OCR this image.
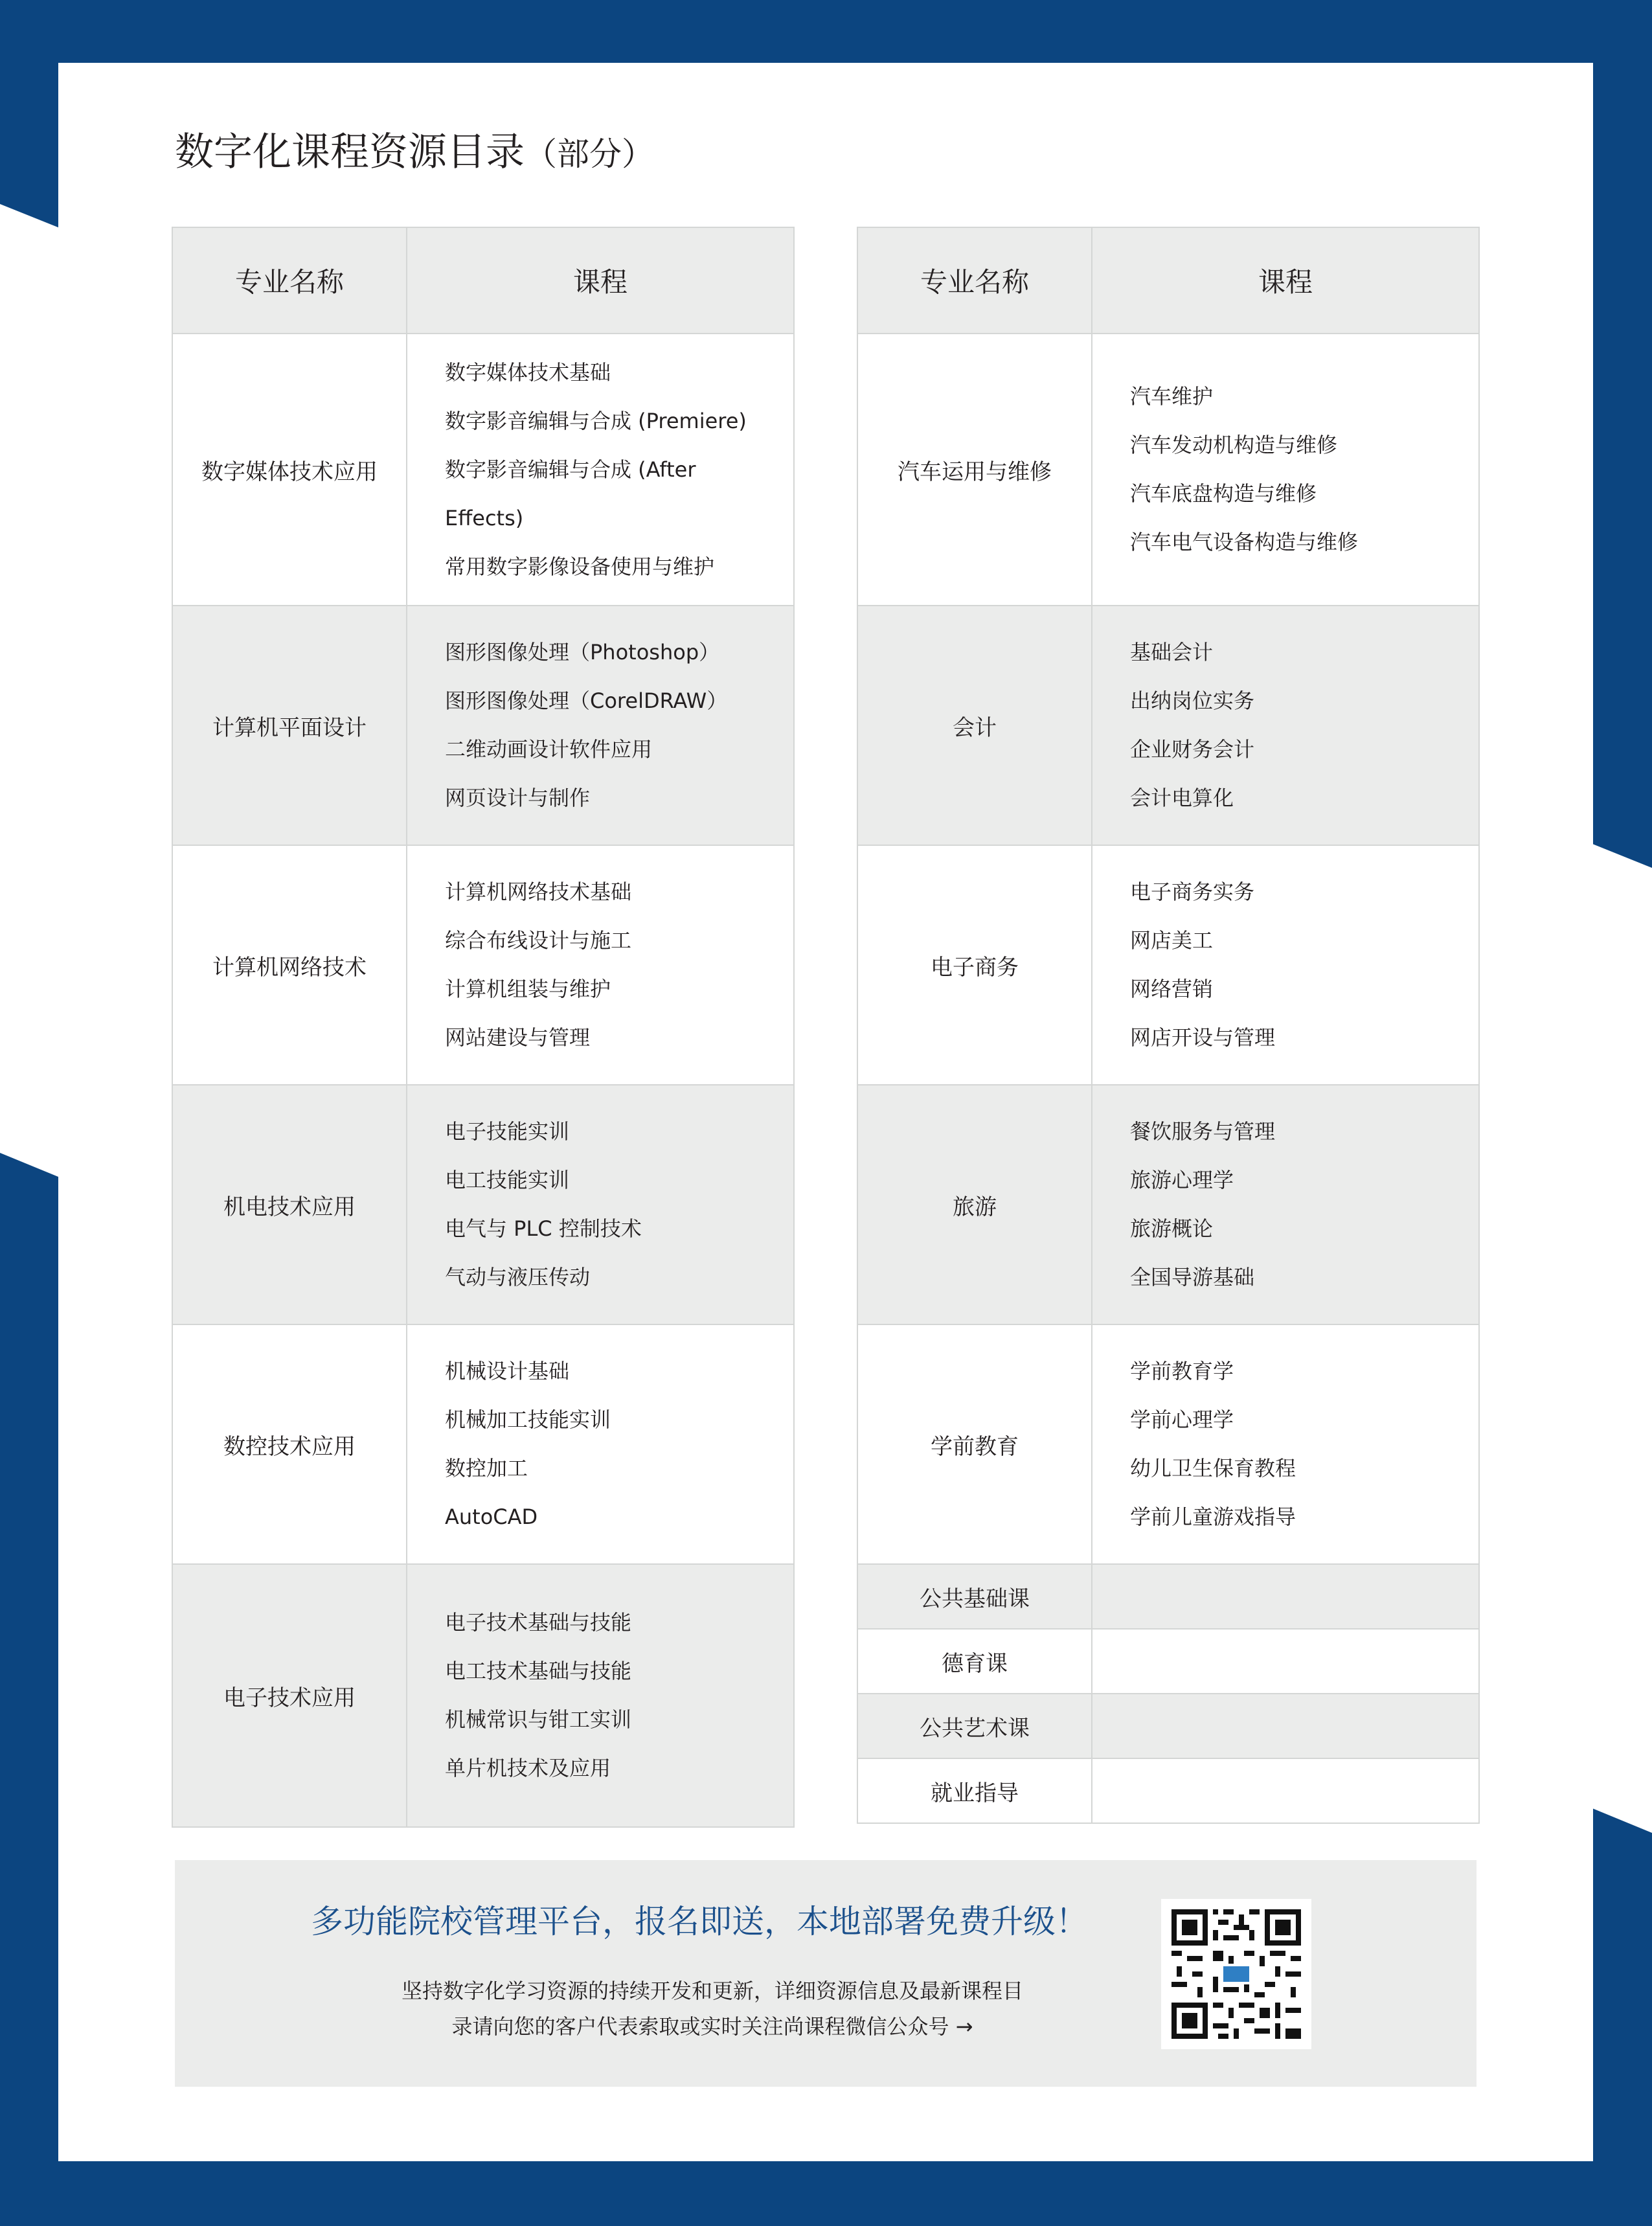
数字化课程资源目录（部分）
专业名称	课程
数字媒体技术应用	数字媒体技术基础
数字影音编辑与合成 (Premiere)
数字影音编辑与合成 (After
Effects)
常用数字影像设备使用与维护

计算机平面设计	图形图像处理（Photoshop）
图形图像处理（CorelDRAW）
二维动画设计软件应用
网页设计与制作

计算机网络技术	计算机网络技术基础
综合布线设计与施工
计算机组装与维护
网站建设与管理

机电技术应用	电子技能实训
电工技能实训
电气与 PLC 控制技术
气动与液压传动

数控技术应用	机械设计基础
机械加工技能实训
数控加工
AutoCAD

电子技术应用	电子技术基础与技能
电工技术基础与技能
机械常识与钳工实训
单片机技术及应用
专业名称	课程
汽车运用与维修	汽车维护
汽车发动机构造与维修
汽车底盘构造与维修
汽车电气设备构造与维修

会计	基础会计
出纳岗位实务
企业财务会计
会计电算化

电子商务	电子商务实务
网店美工
网络营销
网店开设与管理

旅游	餐饮服务与管理
旅游心理学
旅游概论
全国导游基础

学前教育	学前教育学
学前心理学
幼儿卫生保育教程
学前儿童游戏指导

公共基础课	
德育课	
公共艺术课	
就业指导	
多功能院校管理平台，报名即送，本地部署免费升级！
坚持数字化学习资源的持续开发和更新，详细资源信息及最新课程目
录请向您的客户代表索取或实时关注尚课程微信公众号 →
